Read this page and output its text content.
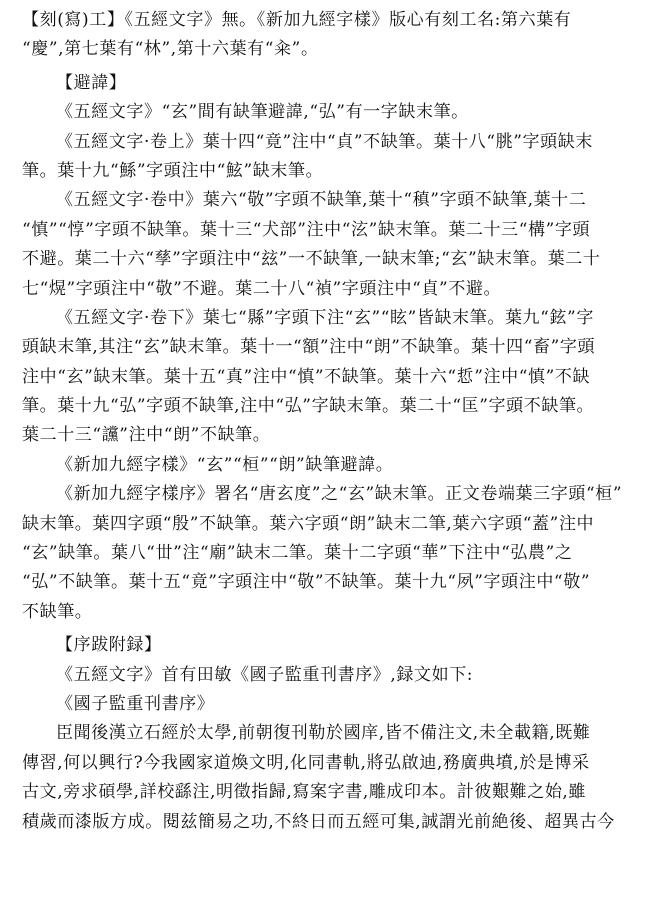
【刻(寫)工】《五經文字》無。《新加九經字樣》版心有刻工名:第六葉有
“慶”,第七葉有“林”,第十六葉有“籴”。
【避諱】
《五經文字》“玄”間有缺筆避諱,“弘”有一字缺末筆。
《五經文字·卷上》葉十四“竟”注中“貞”不缺筆。葉十八“朓”字頭缺末
筆。葉十九“鯀”字頭注中“鮌”缺末筆。
《五經文字·卷中》葉六“敬”字頭不缺筆,葉十“稹”字頭不缺筆,葉十二
“慎”“惇”字頭不缺筆。葉十三“犬部”注中“泫”缺末筆。葉二十三“構”字頭
不避。葉二十六“孳”字頭注中“玆”一不缺筆,一缺末筆;“玄”缺末筆。葉二十
七“熀”字頭注中“敬”不避。葉二十八“禎”字頭注中“貞”不避。
《五經文字·卷下》葉七“縣”字頭下注“玄”“眩”皆缺末筆。葉九“鉉”字
頭缺末筆,其注“玄”缺末筆。葉十一“額”注中“朗”不缺筆。葉十四“畜”字頭
注中“玄”缺末筆。葉十五“真”注中“慎”不缺筆。葉十六“悊”注中“慎”不缺
筆。葉十九“弘”字頭不缺筆,注中“弘”字缺末筆。葉二十“匡”字頭不缺筆。
葉二十三“讜”注中“朗”不缺筆。
《新加九經字樣》“玄”“桓”“朗”缺筆避諱。
《新加九經字樣序》署名“唐玄度”之“玄”缺末筆。正文卷端葉三字頭“桓”
缺末筆。葉四字頭“殷”不缺筆。葉六字頭“朗”缺末二筆,葉六字頭“蓋”注中
“玄”缺筆。葉八“丗”注“廟”缺末二筆。葉十二字頭“華”下注中“弘農”之
“弘”不缺筆。葉十五“竟”字頭注中“敬”不缺筆。葉十九“夙”字頭注中“敬”
不缺筆。
【序跋附録】
《五經文字》首有田敏《國子監重刊書序》,録文如下:
《國子監重刊書序》
臣聞後漢立石經於太學,前朝復刊勒於國庠,皆不備注文,未全載籍,既難
傳習,何以興行?今我國家道煥文明,化同書軌,將弘啟迪,務廣典墳,於是博采
古文,旁求碩學,詳校繇注,明徵指歸,寫案字書,雕成印本。計彼艱難之始,雖
積歲而漆版方成。閱兹簡易之功,不終日而五經可集,誠謂光前絶後、超異古今
